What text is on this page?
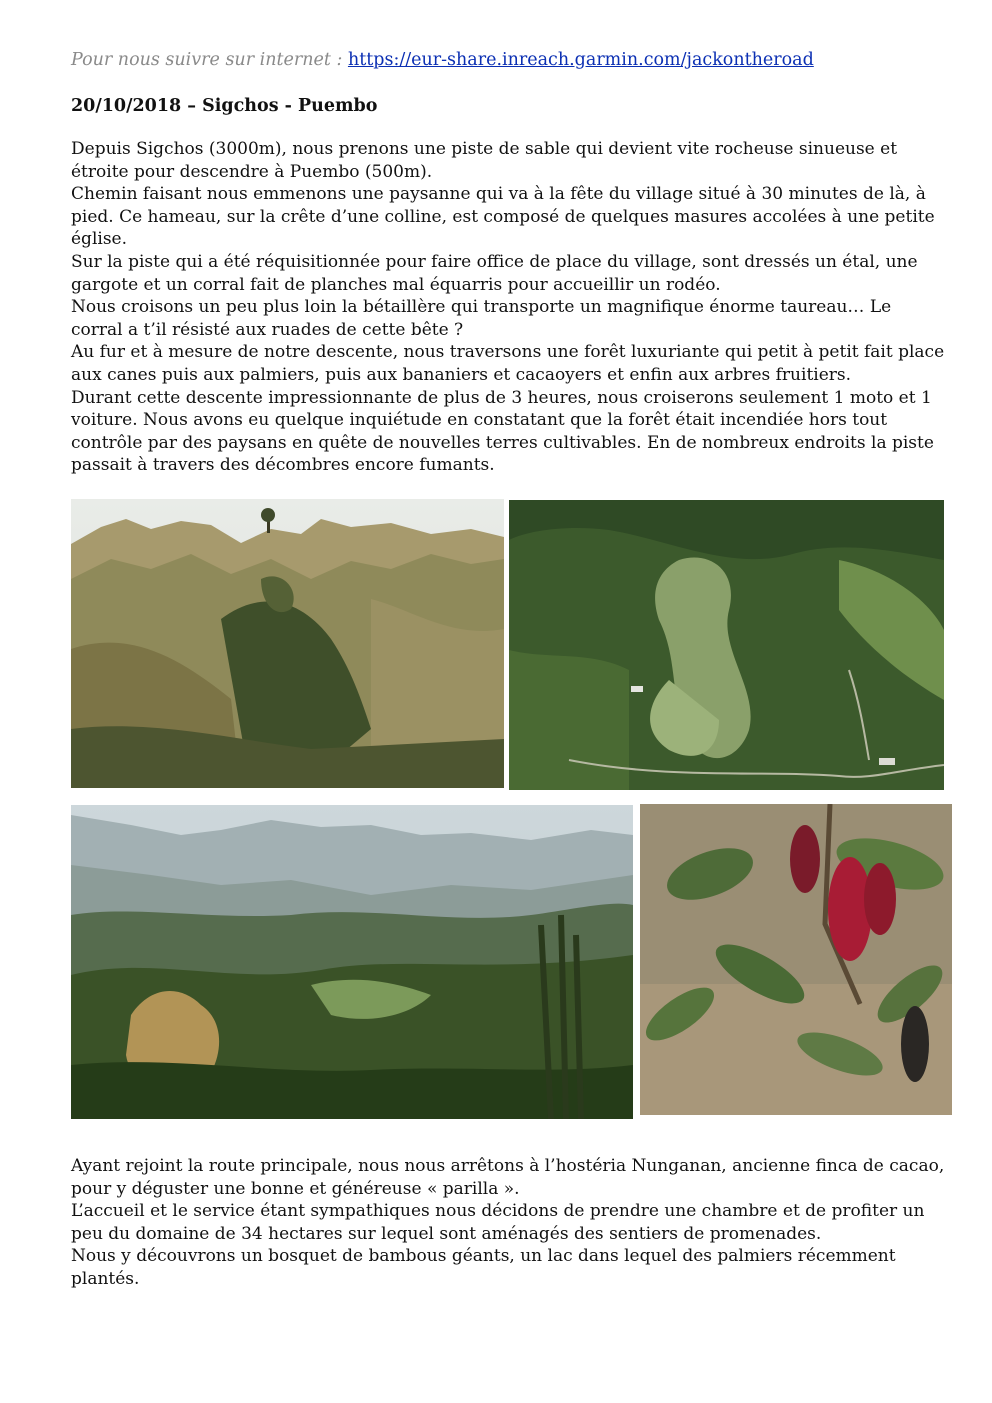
Pour nous suivre sur internet : https://eur-share.inreach.garmin.com/jackontheroad
20/10/2018 – Sigchos - Puembo

Depuis Sigchos (3000m), nous prenons une piste de sable qui devient vite rocheuse sinueuse et étroite pour descendre à Puembo (500m).

Chemin faisant nous emmenons une paysanne qui va à la fête du village situé à 30 minutes de là, à pied. Ce hameau, sur la crête d’une colline, est composé de quelques masures accolées à une petite église.

Sur la piste qui a été réquisitionnée pour faire office de place du village, sont dressés un étal, une gargote et un corral fait de planches mal équarris pour accueillir un rodéo.

Nous croisons un peu plus loin la bétaillère qui transporte un magnifique énorme taureau… Le corral a t’il résisté aux ruades de cette bête ?

Au fur et à mesure de notre descente, nous traversons une forêt luxuriante qui petit à petit fait place aux canes puis aux palmiers, puis aux bananiers et cacaoyers et enfin aux arbres fruitiers.

Durant cette descente impressionnante de plus de 3 heures, nous croiserons seulement 1 moto et 1 voiture. Nous avons eu quelque inquiétude en constatant que la forêt était incendiée hors tout contrôle par des paysans en quête de nouvelles terres cultivables. En de nombreux endroits la piste passait à travers des décombres encore fumants.

Ayant rejoint la route principale, nous nous arrêtons à l’hostéria Nunganan, ancienne finca de cacao, pour y déguster une bonne et généreuse « parilla ».

L’accueil et le service étant sympathiques nous décidons de prendre une chambre et de profiter un peu du domaine de 34 hectares sur lequel sont aménagés des sentiers de promenades.

Nous y découvrons un bosquet de bambous géants, un lac dans lequel des palmiers récemment plantés.
